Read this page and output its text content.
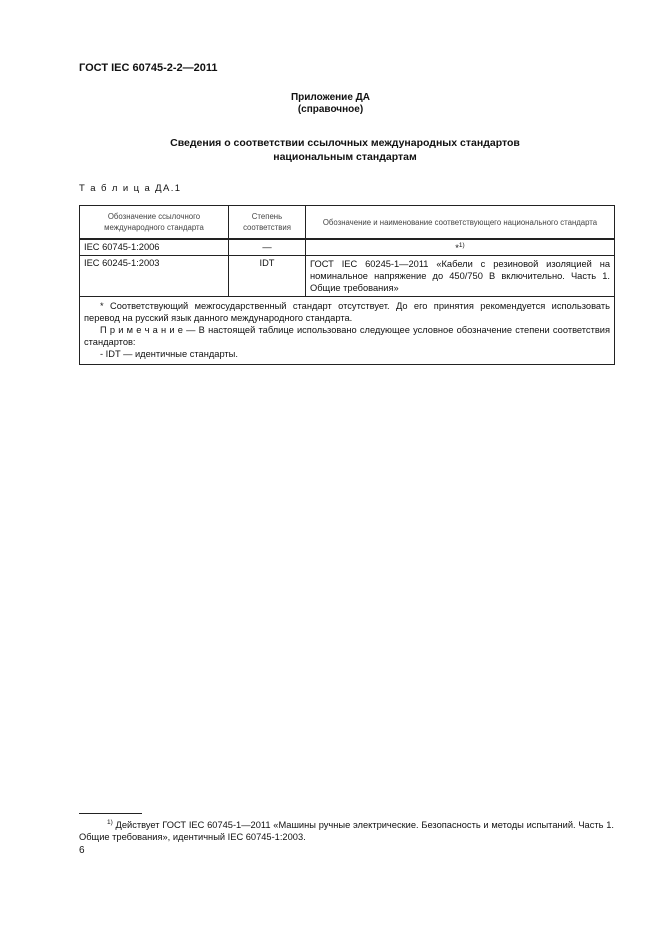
ГОСТ IEC 60745-2-2—2011
Приложение ДА
(справочное)
Сведения о соответствии ссылочных международных стандартов
национальным стандартам
Т а б л и ц а ДА.1
Обозначение ссылочного международного стандарта	Степень соответствия	Обозначение и наименование соответствующего национального стандарта
IEC 60745-1:2006	—	*$^{1)}$
IEC 60245-1:2003	IDT	ГОСТ IEC 60245-1—2011 «Кабели с резиновой изоляцией на номинальное напряжение до 450/750 В включительно. Часть 1. Общие требования»

* Соответствующий межгосударственный стандарт отсутствует. До его принятия рекомендуется использовать перевод на русский язык данного международного стандарта.

П р и м е ч а н и е — В настоящей таблице использовано следующее условное обозначение степени соответствия стандартов:

- IDT — идентичные стандарты.		

$^{1)}$ Действует ГОСТ IEC 60745-1—2011 «Машины ручные электрические. Безопасность и методы испытаний. Часть 1. Общие требования», идентичный IEC 60745-1:2003.
6
